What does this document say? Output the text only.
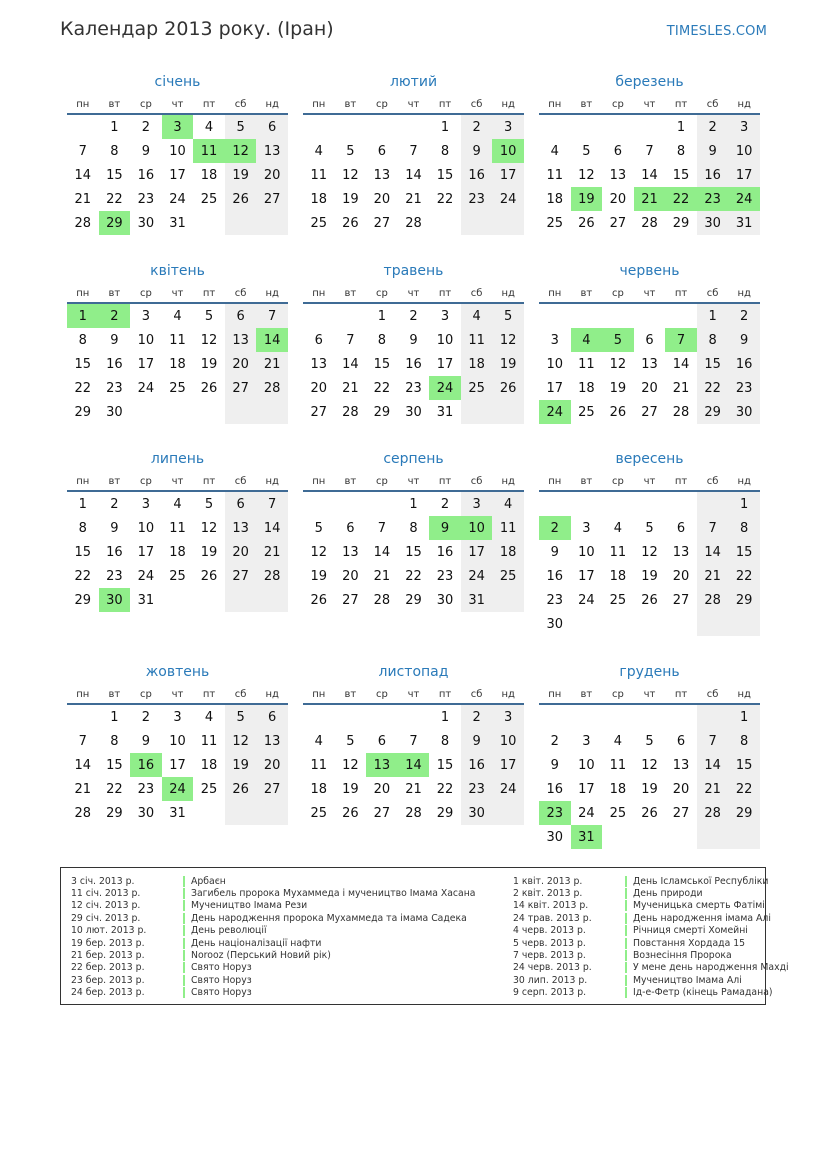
Календар 2013 року. (Іран)	TIMESLES.COM
січень
пн	вт	ср	чт	пт	сб	нд
	1	2	3	4	5	6
7	8	9	10	11	12	13
14	15	16	17	18	19	20
21	22	23	24	25	26	27
28	29	30	31			
лютий
пн	вт	ср	чт	пт	сб	нд
				1	2	3
4	5	6	7	8	9	10
11	12	13	14	15	16	17
18	19	20	21	22	23	24
25	26	27	28			
березень
пн	вт	ср	чт	пт	сб	нд
				1	2	3
4	5	6	7	8	9	10
11	12	13	14	15	16	17
18	19	20	21	22	23	24
25	26	27	28	29	30	31
квітень
пн	вт	ср	чт	пт	сб	нд
1	2	3	4	5	6	7
8	9	10	11	12	13	14
15	16	17	18	19	20	21
22	23	24	25	26	27	28
29	30					
травень
пн	вт	ср	чт	пт	сб	нд
		1	2	3	4	5
6	7	8	9	10	11	12
13	14	15	16	17	18	19
20	21	22	23	24	25	26
27	28	29	30	31		
червень
пн	вт	ср	чт	пт	сб	нд
					1	2
3	4	5	6	7	8	9
10	11	12	13	14	15	16
17	18	19	20	21	22	23
24	25	26	27	28	29	30
липень
пн	вт	ср	чт	пт	сб	нд
1	2	3	4	5	6	7
8	9	10	11	12	13	14
15	16	17	18	19	20	21
22	23	24	25	26	27	28
29	30	31				
серпень
пн	вт	ср	чт	пт	сб	нд
			1	2	3	4
5	6	7	8	9	10	11
12	13	14	15	16	17	18
19	20	21	22	23	24	25
26	27	28	29	30	31	
вересень
пн	вт	ср	чт	пт	сб	нд
						1
2	3	4	5	6	7	8
9	10	11	12	13	14	15
16	17	18	19	20	21	22
23	24	25	26	27	28	29
30						
жовтень
пн	вт	ср	чт	пт	сб	нд
	1	2	3	4	5	6
7	8	9	10	11	12	13
14	15	16	17	18	19	20
21	22	23	24	25	26	27
28	29	30	31			
листопад
пн	вт	ср	чт	пт	сб	нд
				1	2	3
4	5	6	7	8	9	10
11	12	13	14	15	16	17
18	19	20	21	22	23	24
25	26	27	28	29	30	
грудень
пн	вт	ср	чт	пт	сб	нд
						1
2	3	4	5	6	7	8
9	10	11	12	13	14	15
16	17	18	19	20	21	22
23	24	25	26	27	28	29
30	31					
3 січ. 2013 р.	Арбаєн
11 січ. 2013 р.	Загибель пророка Мухаммеда і мучеництво Імама Хасана
12 січ. 2013 р.	Мучеництво Імама Рези
29 січ. 2013 р.	День народження пророка Мухаммеда та імама Садека
10 лют. 2013 р.	День революції
19 бер. 2013 р.	День націоналізації нафти
21 бер. 2013 р.	Norooz (Перський Новий рік)
22 бер. 2013 р.	Свято Норуз
23 бер. 2013 р.	Свято Норуз
24 бер. 2013 р.	Свято Норуз
1 квіт. 2013 р.	День Ісламської Республіки
2 квіт. 2013 р.	День природи
14 квіт. 2013 р.	Мученицька смерть Фатімі
24 трав. 2013 р.	День народження імама Алі
4 черв. 2013 р.	Річниця смерті Хомейні
5 черв. 2013 р.	Повстання Хордада 15
7 черв. 2013 р.	Вознесіння Пророка
24 черв. 2013 р.	У мене день народження Махді
30 лип. 2013 р.	Мучеництво Імама Алі
9 серп. 2013 р.	Ід-е-Фетр (кінець Рамадана)
